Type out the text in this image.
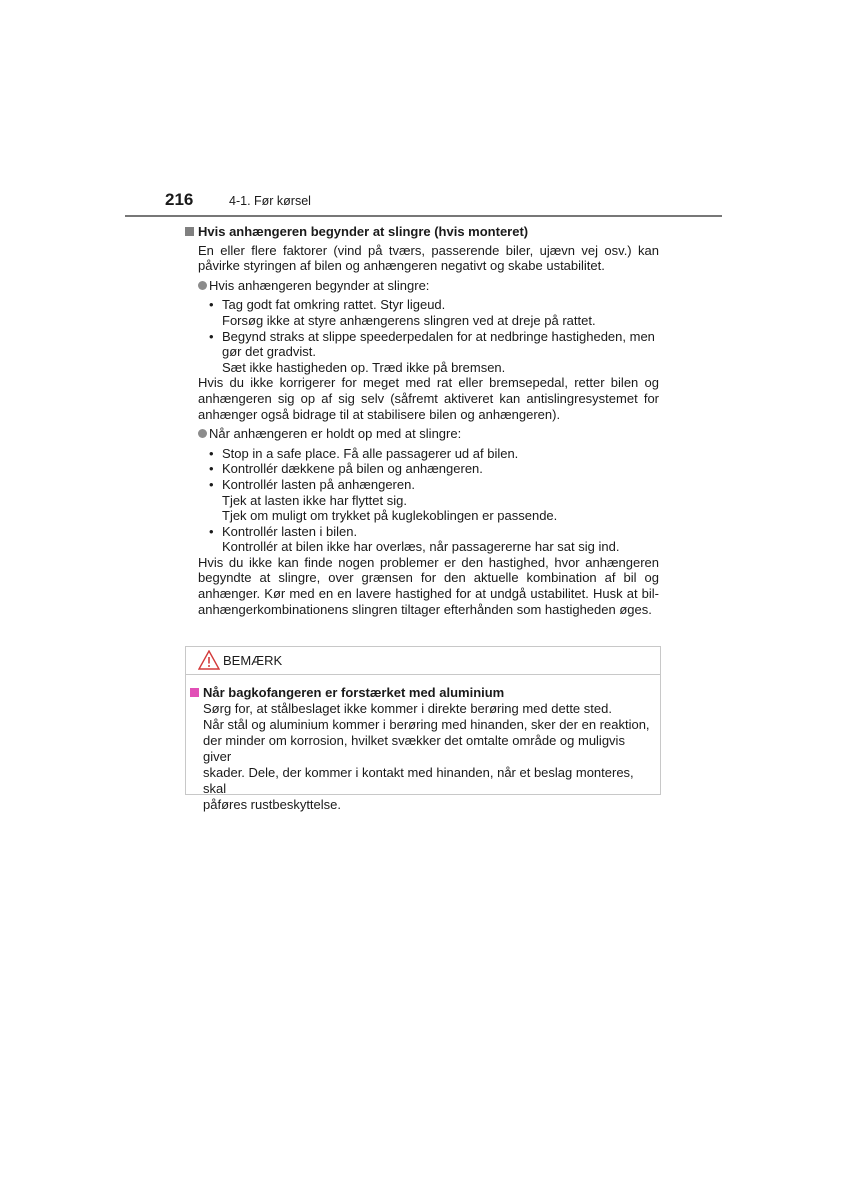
216	4-1. Før kørsel
Hvis anhængeren begynder at slingre (hvis monteret)
En eller flere faktorer (vind på tværs, passerende biler, ujævn vej osv.) kan påvirke styringen af bilen og anhængeren negativt og skabe ustabilitet.
Hvis anhængeren begynder at slingre:
• Tag godt fat omkring rattet. Styr ligeud.
Forsøg ikke at styre anhængerens slingren ved at dreje på rattet.
• Begynd straks at slippe speederpedalen for at nedbringe hastigheden, men gør det gradvist.
Sæt ikke hastigheden op. Træd ikke på bremsen.
Hvis du ikke korrigerer for meget med rat eller bremsepedal, retter bilen og anhængeren sig op af sig selv (såfremt aktiveret kan antislingresystemet for anhænger også bidrage til at stabilisere bilen og anhængeren).
Når anhængeren er holdt op med at slingre:
• Stop in a safe place. Få alle passagerer ud af bilen.
• Kontrollér dækkene på bilen og anhængeren.
• Kontrollér lasten på anhængeren.
Tjek at lasten ikke har flyttet sig.
Tjek om muligt om trykket på kuglekoblingen er passende.
• Kontrollér lasten i bilen.
Kontrollér at bilen ikke har overlæs, når passagererne har sat sig ind.
Hvis du ikke kan finde nogen problemer er den hastighed, hvor anhængeren begyndte at slingre, over grænsen for den aktuelle kombination af bil og anhænger. Kør med en en lavere hastighed for at undgå ustabilitet. Husk at bil-anhængerkombinationens slingren tiltager efterhånden som hastigheden øges.
BEMÆRK
Når bagkofangeren er forstærket med aluminium
Sørg for, at stålbeslaget ikke kommer i direkte berøring med dette sted.
Når stål og aluminium kommer i berøring med hinanden, sker der en reaktion,
der minder om korrosion, hvilket svækker det omtalte område og muligvis giver
skader. Dele, der kommer i kontakt med hinanden, når et beslag monteres, skal
påføres rustbeskyttelse.
